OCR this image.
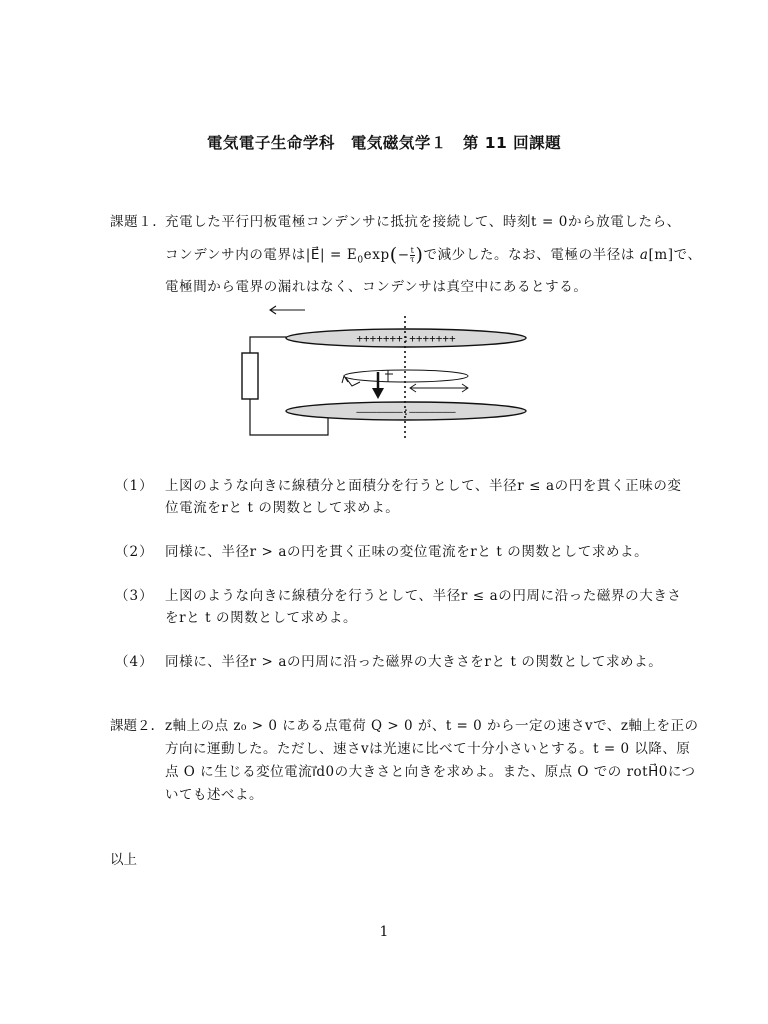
電気電子生命学科　電気磁気学１　第 11 回課題
課題１. 充電した平行円板電極コンデンサに抵抗を接続して、時刻t = 0から放電したら、
コンデンサ内の電界は|E⃗| = $E_0\exp(- \frac{t}{\tau}$ )で減少した。なお、電極の半径は a[m]で、
電極間から電界の漏れはなく、コンデンサは真空中にあるとする。
+++++++:+++++++
–––––––:–––––––
（1） 上図のような向きに線積分と面積分を行うとして、半径r ≤ aの円を貫く正味の変
位電流をrと t の関数として求めよ。
（2） 同様に、半径r > aの円を貫く正味の変位電流をrと t の関数として求めよ。
（3） 上図のような向きに線積分を行うとして、半径r ≤ aの円周に沿った磁界の大きさ
をrと t の関数として求めよ。
（4） 同様に、半径r > aの円周に沿った磁界の大きさをrと t の関数として求めよ。
課題２. z軸上の点 z₀ > 0 にある点電荷 Q > 0 が、t = 0 から一定の速さvで、z軸上を正の
方向に運動した。ただし、速さvは光速に比べて十分小さいとする。t = 0 以降、原
点 O に生じる変位電流i⃗d0の大きさと向きを求めよ。また、原点 O での rotH⃗0につ
いても述べよ。
以上
1
